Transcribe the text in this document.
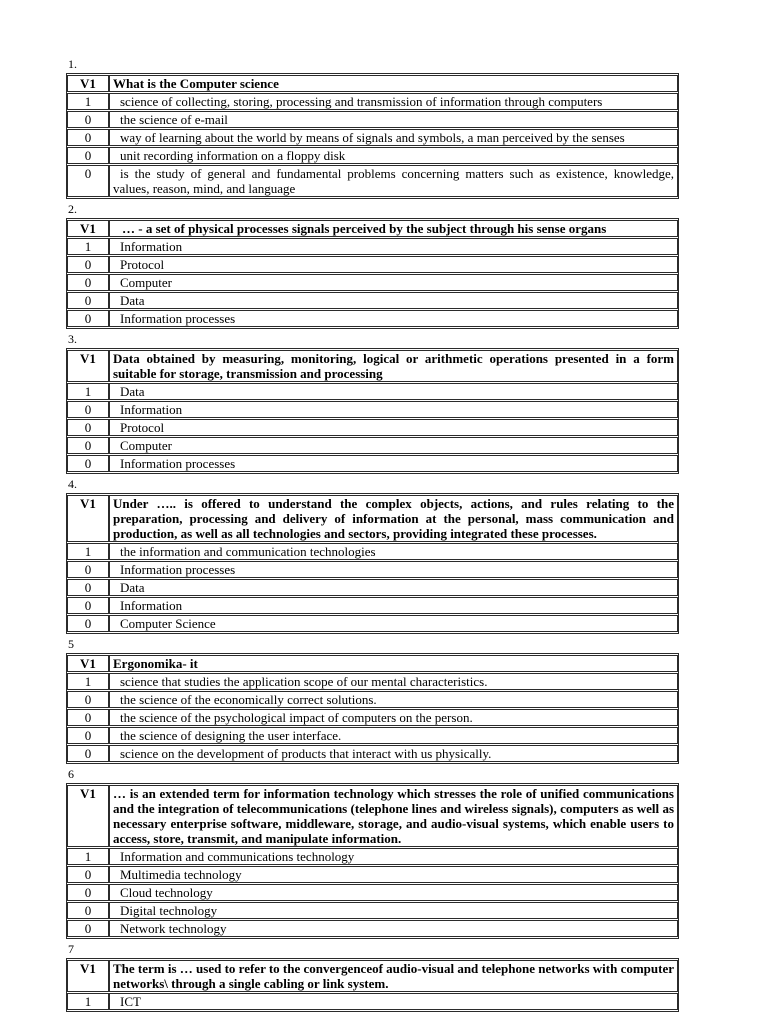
1.
V1	What is the Computer science
1	science of collecting, storing, processing and transmission of information through computers
0	the science of e-mail
0	way of learning about the world by means of signals and symbols, a man perceived by the senses
0	unit recording information on a floppy disk
0	is the study of general and fundamental problems concerning matters such as existence, knowledge, values, reason, mind, and language
2.
V1	… - a set of physical processes signals perceived by the subject through his sense organs
1	Information
0	Protocol
0	Computer
0	Data
0	Information processes
3.
V1	Data obtained by measuring, monitoring, logical or arithmetic operations presented in a form suitable for storage, transmission and processing
1	Data
0	Information
0	Protocol
0	Computer
0	Information processes
4.
V1	Under ….. is offered to understand the complex objects, actions, and rules relating to the preparation, processing and delivery of information at the personal, mass communication and production, as well as all technologies and sectors, providing integrated these processes.
1	the information and communication technologies
0	Information processes
0	Data
0	Information
0	Computer Science
5
V1	Ergonomika- it
1	science that studies the application scope of our mental characteristics.
0	the science of the economically correct solutions.
0	the science of the psychological impact of computers on the person.
0	the science of designing the user interface.
0	science on the development of products that interact with us physically.
6
V1	… is an extended term for information technology which stresses the role of unified communications and the integration of telecommunications (telephone lines and wireless signals), computers as well as necessary enterprise software, middleware, storage, and audio-visual systems, which enable users to access, store, transmit, and manipulate information.
1	Information and communications technology
0	Multimedia technology
0	Cloud technology
0	Digital technology
0	Network technology
7
V1	The term is … used to refer to the convergenceof audio-visual and telephone networks with computer networks\ through a single cabling or link system.
1	ICT
